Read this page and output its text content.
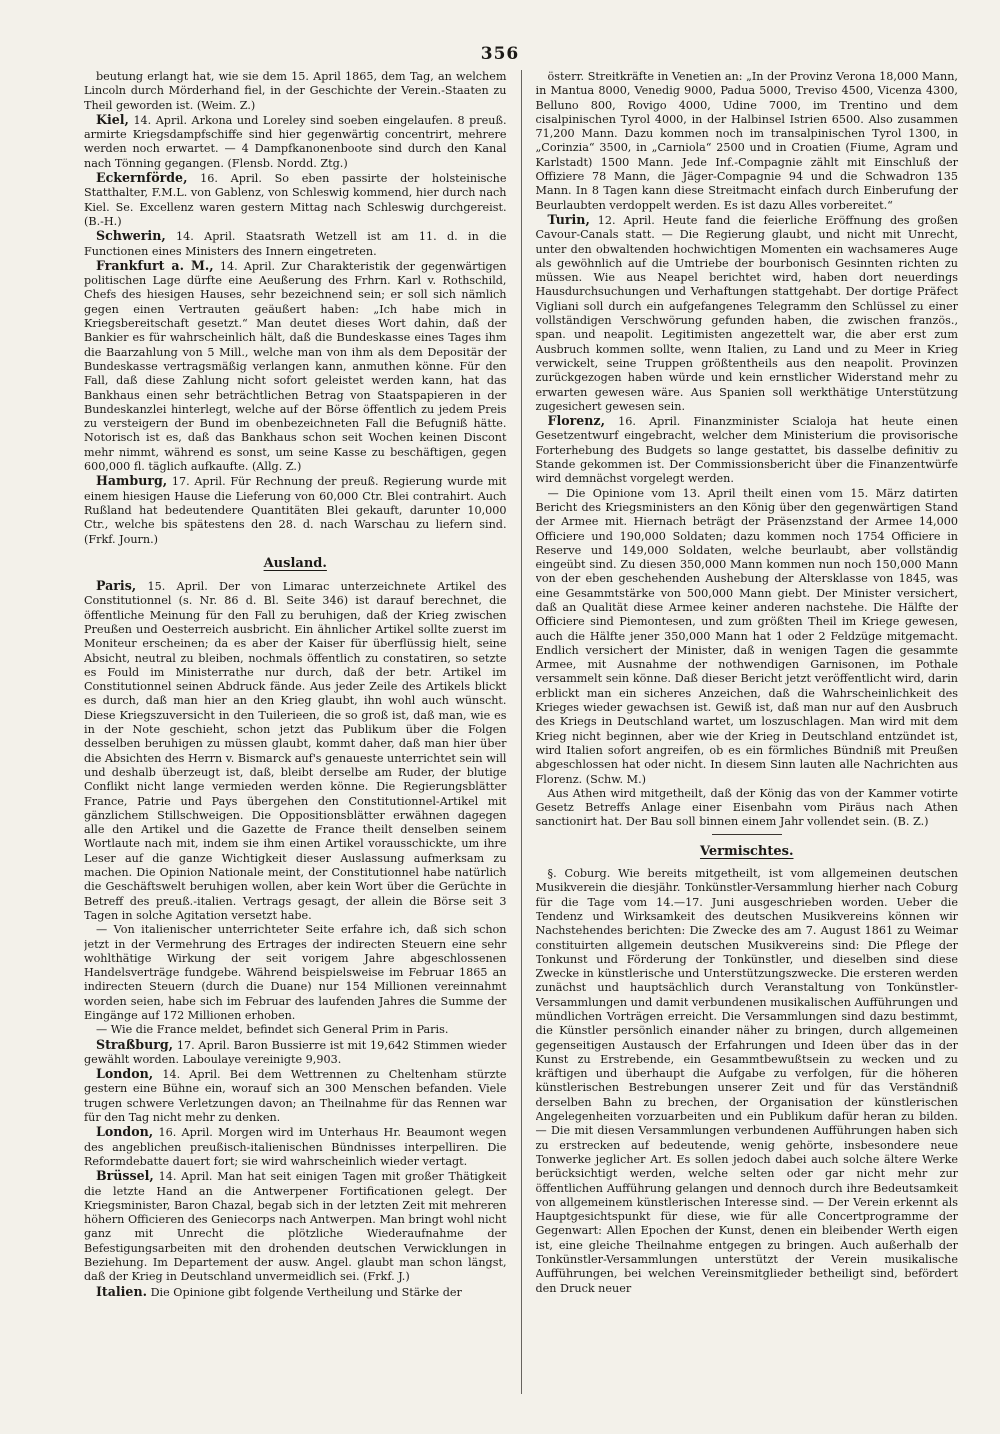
356

beutung erlangt hat, wie sie dem 15. April 1865, dem Tag, an welchem Lincoln durch Mörderhand fiel, in der Geschichte der Verein.-Staaten zu Theil geworden ist. (Weim. Z.)

Kiel, 14. April. Arkona und Loreley sind soeben eingelaufen. 8 preuß. armirte Kriegsdampfschiffe sind hier gegenwärtig concentrirt, mehrere werden noch erwartet. — 4 Dampfkanonenboote sind durch den Kanal nach Tönning gegangen. (Flensb. Nordd. Ztg.)

Eckernförde, 16. April. So eben passirte der holsteinische Statthalter, F.M.L. von Gablenz, von Schleswig kommend, hier durch nach Kiel. Se. Excellenz waren gestern Mittag nach Schleswig durchgereist. (B.-H.)

Schwerin, 14. April. Staatsrath Wetzell ist am 11. d. in die Functionen eines Ministers des Innern eingetreten.

Frankfurt a. M., 14. April. Zur Charakteristik der gegenwärtigen politischen Lage dürfte eine Aeußerung des Frhrn. Karl v. Rothschild, Chefs des hiesigen Hauses, sehr bezeichnend sein; er soll sich nämlich gegen einen Vertrauten geäußert haben: „Ich habe mich in Kriegsbereitschaft gesetzt.“ Man deutet dieses Wort dahin, daß der Bankier es für wahrscheinlich hält, daß die Bundeskasse eines Tages ihm die Baarzahlung von 5 Mill., welche man von ihm als dem Depositär der Bundeskasse vertragsmäßig verlangen kann, anmuthen könne. Für den Fall, daß diese Zahlung nicht sofort geleistet werden kann, hat das Bankhaus einen sehr beträchtlichen Betrag von Staatspapieren in der Bundeskanzlei hinterlegt, welche auf der Börse öffentlich zu jedem Preis zu versteigern der Bund im obenbezeichneten Fall die Befugniß hätte. Notorisch ist es, daß das Bankhaus schon seit Wochen keinen Discont mehr nimmt, während es sonst, um seine Kasse zu beschäftigen, gegen 600,000 fl. täglich aufkaufte. (Allg. Z.)

Hamburg, 17. April. Für Rechnung der preuß. Regierung wurde mit einem hiesigen Hause die Lieferung von 60,000 Ctr. Blei contrahirt. Auch Rußland hat bedeutendere Quantitäten Blei gekauft, darunter 10,000 Ctr., welche bis spätestens den 28. d. nach Warschau zu liefern sind. (Frkf. Journ.)

Ausland.

Paris, 15. April. Der von Limarac unterzeichnete Artikel des Constitutionnel (s. Nr. 86 d. Bl. Seite 346) ist darauf berechnet, die öffentliche Meinung für den Fall zu beruhigen, daß der Krieg zwischen Preußen und Oesterreich ausbricht. Ein ähnlicher Artikel sollte zuerst im Moniteur erscheinen; da es aber der Kaiser für überflüssig hielt, seine Absicht, neutral zu bleiben, nochmals öffentlich zu constatiren, so setzte es Fould im Ministerrathe nur durch, daß der betr. Artikel im Constitutionnel seinen Abdruck fände. Aus jeder Zeile des Artikels blickt es durch, daß man hier an den Krieg glaubt, ihn wohl auch wünscht. Diese Kriegszuversicht in den Tuilerieen, die so groß ist, daß man, wie es in der Note geschieht, schon jetzt das Publikum über die Folgen desselben beruhigen zu müssen glaubt, kommt daher, daß man hier über die Absichten des Herrn v. Bismarck auf's genaueste unterrichtet sein will und deshalb überzeugt ist, daß, bleibt derselbe am Ruder, der blutige Conflikt nicht lange vermieden werden könne. Die Regierungsblätter France, Patrie und Pays übergehen den Constitutionnel-Artikel mit gänzlichem Stillschweigen. Die Oppositionsblätter erwähnen dagegen alle den Artikel und die Gazette de France theilt denselben seinem Wortlaute nach mit, indem sie ihm einen Artikel vorausschickte, um ihre Leser auf die ganze Wichtigkeit dieser Auslassung aufmerksam zu machen. Die Opinion Nationale meint, der Constitutionnel habe natürlich die Geschäftswelt beruhigen wollen, aber kein Wort über die Gerüchte in Betreff des preuß.-italien. Vertrags gesagt, der allein die Börse seit 3 Tagen in solche Agitation versetzt habe.

— Von italienischer unterrichteter Seite erfahre ich, daß sich schon jetzt in der Vermehrung des Ertrages der indirecten Steuern eine sehr wohlthätige Wirkung der seit vorigem Jahre abgeschlossenen Handelsverträge fundgebe. Während beispielsweise im Februar 1865 an indirecten Steuern (durch die Duane) nur 154 Millionen vereinnahmt worden seien, habe sich im Februar des laufenden Jahres die Summe der Eingänge auf 172 Millionen erhoben.

— Wie die France meldet, befindet sich General Prim in Paris.

Straßburg, 17. April. Baron Bussierre ist mit 19,642 Stimmen wieder gewählt worden. Laboulaye vereinigte 9,903.

London, 14. April. Bei dem Wettrennen zu Cheltenham stürzte gestern eine Bühne ein, worauf sich an 300 Menschen befanden. Viele trugen schwere Verletzungen davon; an Theilnahme für das Rennen war für den Tag nicht mehr zu denken.

London, 16. April. Morgen wird im Unterhaus Hr. Beaumont wegen des angeblichen preußisch-italienischen Bündnisses interpelliren. Die Reformdebatte dauert fort; sie wird wahrscheinlich wieder vertagt.

Brüssel, 14. April. Man hat seit einigen Tagen mit großer Thätigkeit die letzte Hand an die Antwerpener Fortificationen gelegt. Der Kriegsminister, Baron Chazal, begab sich in der letzten Zeit mit mehreren höhern Officieren des Geniecorps nach Antwerpen. Man bringt wohl nicht ganz mit Unrecht die plötzliche Wiederaufnahme der Befestigungsarbeiten mit den drohenden deutschen Verwicklungen in Beziehung. Im Departement der ausw. Angel. glaubt man schon längst, daß der Krieg in Deutschland unvermeidlich sei. (Frkf. J.)

Italien. Die Opinione gibt folgende Vertheilung und Stärke der

österr. Streitkräfte in Venetien an: „In der Provinz Verona 18,000 Mann, in Mantua 8000, Venedig 9000, Padua 5000, Treviso 4500, Vicenza 4300, Belluno 800, Rovigo 4000, Udine 7000, im Trentino und dem cisalpinischen Tyrol 4000, in der Halbinsel Istrien 6500. Also zusammen 71,200 Mann. Dazu kommen noch im transalpinischen Tyrol 1300, in „Corinzia“ 3500, in „Carniola“ 2500 und in Croatien (Fiume, Agram und Karlstadt) 1500 Mann. Jede Inf.-Compagnie zählt mit Einschluß der Offiziere 78 Mann, die Jäger-Compagnie 94 und die Schwadron 135 Mann. In 8 Tagen kann diese Streitmacht einfach durch Einberufung der Beurlaubten verdoppelt werden. Es ist dazu Alles vorbereitet.“

Turin, 12. April. Heute fand die feierliche Eröffnung des großen Cavour-Canals statt. — Die Regierung glaubt, und nicht mit Unrecht, unter den obwaltenden hochwichtigen Momenten ein wachsameres Auge als gewöhnlich auf die Umtriebe der bourbonisch Gesinnten richten zu müssen. Wie aus Neapel berichtet wird, haben dort neuerdings Hausdurchsuchungen und Verhaftungen stattgehabt. Der dortige Präfect Vigliani soll durch ein aufgefangenes Telegramm den Schlüssel zu einer vollständigen Verschwörung gefunden haben, die zwischen französ., span. und neapolit. Legitimisten angezettelt war, die aber erst zum Ausbruch kommen sollte, wenn Italien, zu Land und zu Meer in Krieg verwickelt, seine Truppen größtentheils aus den neapolit. Provinzen zurückgezogen haben würde und kein ernstlicher Widerstand mehr zu erwarten gewesen wäre. Aus Spanien soll werkthätige Unterstützung zugesichert gewesen sein.

Florenz, 16. April. Finanzminister Scialoja hat heute einen Gesetzentwurf eingebracht, welcher dem Ministerium die provisorische Forterhebung des Budgets so lange gestattet, bis dasselbe definitiv zu Stande gekommen ist. Der Commissionsbericht über die Finanzentwürfe wird demnächst vorgelegt werden.

— Die Opinione vom 13. April theilt einen vom 15. März datirten Bericht des Kriegsministers an den König über den gegenwärtigen Stand der Armee mit. Hiernach beträgt der Präsenzstand der Armee 14,000 Officiere und 190,000 Soldaten; dazu kommen noch 1754 Officiere in Reserve und 149,000 Soldaten, welche beurlaubt, aber vollständig eingeübt sind. Zu diesen 350,000 Mann kommen nun noch 150,000 Mann von der eben geschehenden Aushebung der Altersklasse von 1845, was eine Gesammtstärke von 500,000 Mann giebt. Der Minister versichert, daß an Qualität diese Armee keiner anderen nachstehe. Die Hälfte der Officiere sind Piemontesen, und zum größten Theil im Kriege gewesen, auch die Hälfte jener 350,000 Mann hat 1 oder 2 Feldzüge mitgemacht. Endlich versichert der Minister, daß in wenigen Tagen die gesammte Armee, mit Ausnahme der nothwendigen Garnisonen, im Pothale versammelt sein könne. Daß dieser Bericht jetzt veröffentlicht wird, darin erblickt man ein sicheres Anzeichen, daß die Wahrscheinlichkeit des Krieges wieder gewachsen ist. Gewiß ist, daß man nur auf den Ausbruch des Kriegs in Deutschland wartet, um loszuschlagen. Man wird mit dem Krieg nicht beginnen, aber wie der Krieg in Deutschland entzündet ist, wird Italien sofort angreifen, ob es ein förmliches Bündniß mit Preußen abgeschlossen hat oder nicht. In diesem Sinn lauten alle Nachrichten aus Florenz. (Schw. M.)

Aus Athen wird mitgetheilt, daß der König das von der Kammer votirte Gesetz Betreffs Anlage einer Eisenbahn vom Piräus nach Athen sanctionirt hat. Der Bau soll binnen einem Jahr vollendet sein. (B. Z.)

Vermischtes.

§. Coburg. Wie bereits mitgetheilt, ist vom allgemeinen deutschen Musikverein die diesjähr. Tonkünstler-Versammlung hierher nach Coburg für die Tage vom 14.—17. Juni ausgeschrieben worden. Ueber die Tendenz und Wirksamkeit des deutschen Musikvereins können wir Nachstehendes berichten: Die Zwecke des am 7. August 1861 zu Weimar constituirten allgemein deutschen Musikvereins sind: Die Pflege der Tonkunst und Förderung der Tonkünstler, und dieselben sind diese Zwecke in künstlerische und Unterstützungszwecke. Die ersteren werden zunächst und hauptsächlich durch Veranstaltung von Tonkünstler-Versammlungen und damit verbundenen musikalischen Aufführungen und mündlichen Vorträgen erreicht. Die Versammlungen sind dazu bestimmt, die Künstler persönlich einander näher zu bringen, durch allgemeinen gegenseitigen Austausch der Erfahrungen und Ideen über das in der Kunst zu Erstrebende, ein Gesammtbewußtsein zu wecken und zu kräftigen und überhaupt die Aufgabe zu verfolgen, für die höheren künstlerischen Bestrebungen unserer Zeit und für das Verständniß derselben Bahn zu brechen, der Organisation der künstlerischen Angelegenheiten vorzuarbeiten und ein Publikum dafür heran zu bilden. — Die mit diesen Versammlungen verbundenen Aufführungen haben sich zu erstrecken auf bedeutende, wenig gehörte, insbesondere neue Tonwerke jeglicher Art. Es sollen jedoch dabei auch solche ältere Werke berücksichtigt werden, welche selten oder gar nicht mehr zur öffentlichen Aufführung gelangen und dennoch durch ihre Bedeutsamkeit von allgemeinem künstlerischen Interesse sind. — Der Verein erkennt als Hauptgesichtspunkt für diese, wie für alle Concertprogramme der Gegenwart: Allen Epochen der Kunst, denen ein bleibender Werth eigen ist, eine gleiche Theilnahme entgegen zu bringen. Auch außerhalb der Tonkünstler-Versammlungen unterstützt der Verein musikalische Aufführungen, bei welchen Vereinsmitglieder betheiligt sind, befördert den Druck neuer
